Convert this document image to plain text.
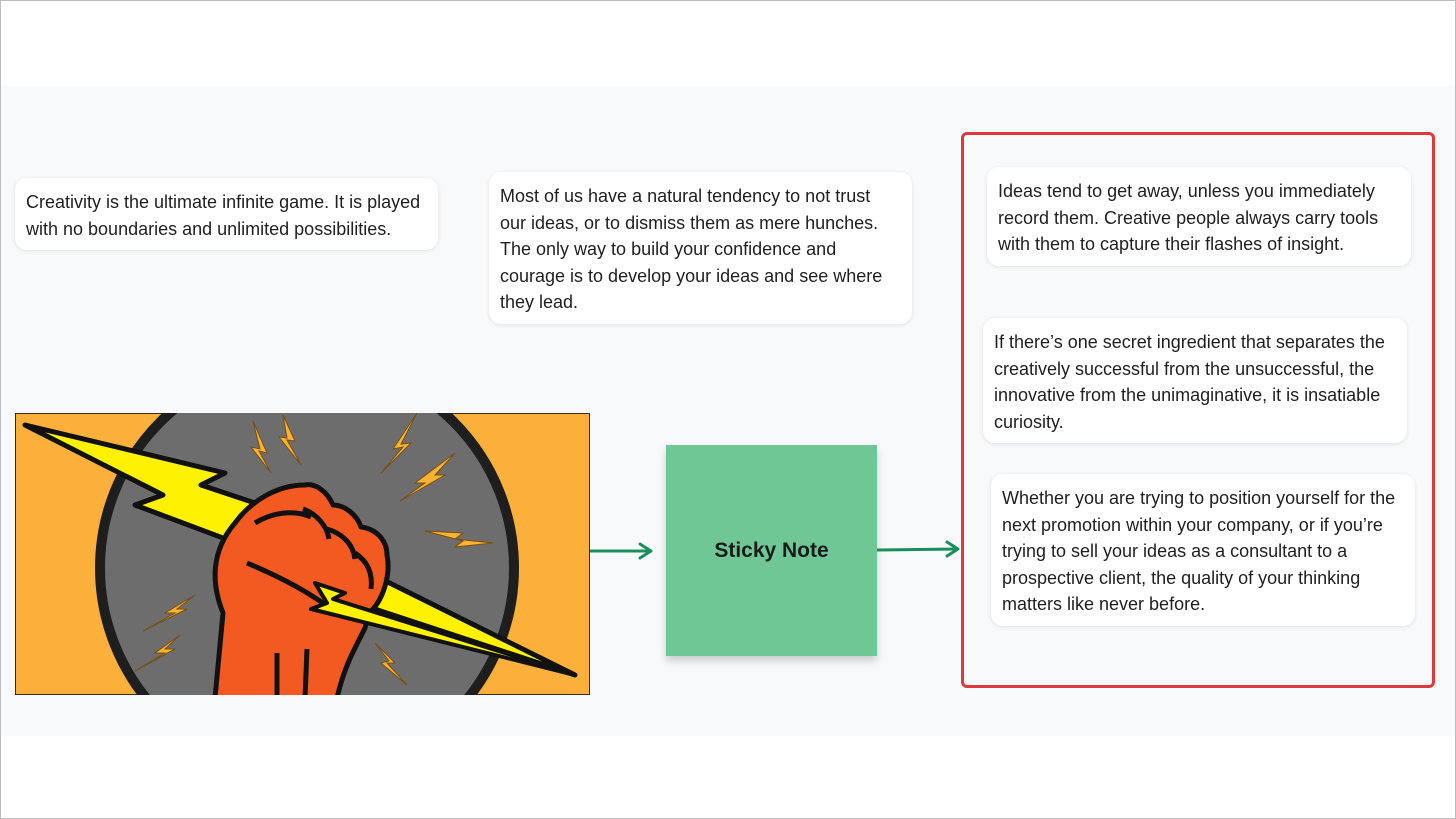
Creativity is the ultimate infinite game. It is played with no boundaries and unlimited possibilities.
Most of us have a natural tendency to not trust our ideas, or to dismiss them as mere hunches. The only way to build your confidence and courage is to develop your ideas and see where they lead.
Ideas tend to get away, unless you immediately record them. Creative people always carry tools with them to capture their flashes of insight.
If there’s one secret ingredient that separates the creatively successful from the unsuccessful, the innovative from the unimaginative, it is insatiable curiosity.
Whether you are trying to position yourself for the next promotion within your company, or if you’re trying to sell your ideas as a consultant to a prospective client, the quality of your thinking matters like never before.
Sticky Note
